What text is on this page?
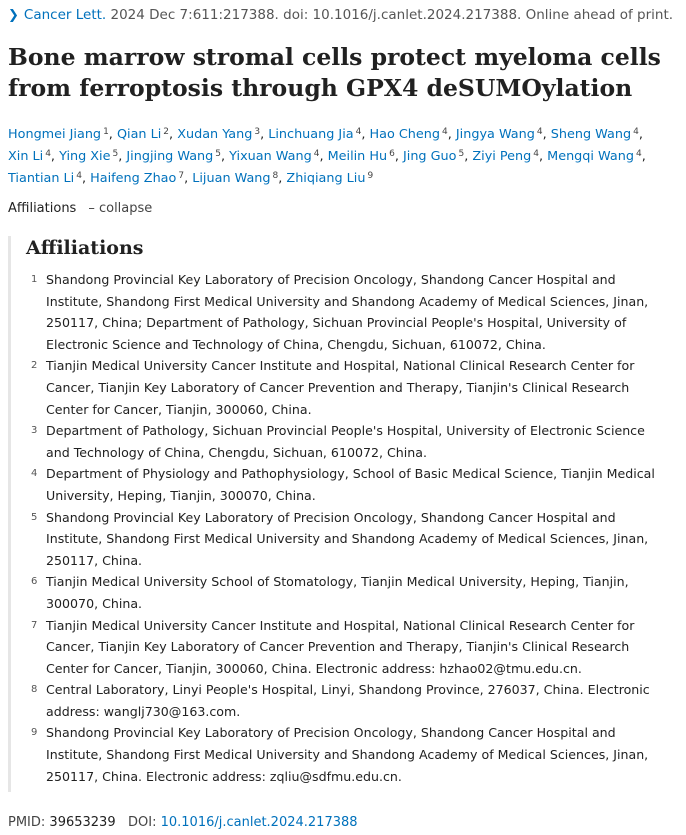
❯ Cancer Lett. 2024 Dec 7:611:217388. doi: 10.1016/j.canlet.2024.217388. Online ahead of print.
Bone marrow stromal cells protect myeloma cells from ferroptosis through GPX4 deSUMOylation
Hongmei Jiang $^1$, Qian Li $^2$, Xudan Yang $^3$, Linchuang Jia $^4$, Hao Cheng $^4$, Jingya Wang $^4$, Sheng Wang $^4$, Xin Li $^4$, Ying Xie $^5$, Jingjing Wang $^5$, Yixuan Wang $^4$, Meilin Hu $^6$, Jing Guo $^5$, Ziyi Peng $^4$, Mengqi Wang $^4$, Tiantian Li $^4$, Haifeng Zhao $^7$, Lijuan Wang $^8$, Zhiqiang Liu $^9$
Affiliations – collapse
Affiliations
1 Shandong Provincial Key Laboratory of Precision Oncology, Shandong Cancer Hospital and Institute, Shandong First Medical University and Shandong Academy of Medical Sciences, Jinan, 250117, China; Department of Pathology, Sichuan Provincial People's Hospital, University of Electronic Science and Technology of China, Chengdu, Sichuan, 610072, China.
2 Tianjin Medical University Cancer Institute and Hospital, National Clinical Research Center for Cancer, Tianjin Key Laboratory of Cancer Prevention and Therapy, Tianjin's Clinical Research Center for Cancer, Tianjin, 300060, China.
3 Department of Pathology, Sichuan Provincial People's Hospital, University of Electronic Science and Technology of China, Chengdu, Sichuan, 610072, China.
4 Department of Physiology and Pathophysiology, School of Basic Medical Science, Tianjin Medical University, Heping, Tianjin, 300070, China.
5 Shandong Provincial Key Laboratory of Precision Oncology, Shandong Cancer Hospital and Institute, Shandong First Medical University and Shandong Academy of Medical Sciences, Jinan, 250117, China.
6 Tianjin Medical University School of Stomatology, Tianjin Medical University, Heping, Tianjin, 300070, China.
7 Tianjin Medical University Cancer Institute and Hospital, National Clinical Research Center for Cancer, Tianjin Key Laboratory of Cancer Prevention and Therapy, Tianjin's Clinical Research Center for Cancer, Tianjin, 300060, China. Electronic address: hzhao02@tmu.edu.cn.
8 Central Laboratory, Linyi People's Hospital, Linyi, Shandong Province, 276037, China. Electronic address: wanglj730@163.com.
9 Shandong Provincial Key Laboratory of Precision Oncology, Shandong Cancer Hospital and Institute, Shandong First Medical University and Shandong Academy of Medical Sciences, Jinan, 250117, China. Electronic address: zqliu@sdfmu.edu.cn.
PMID: 39653239 DOI: 10.1016/j.canlet.2024.217388
